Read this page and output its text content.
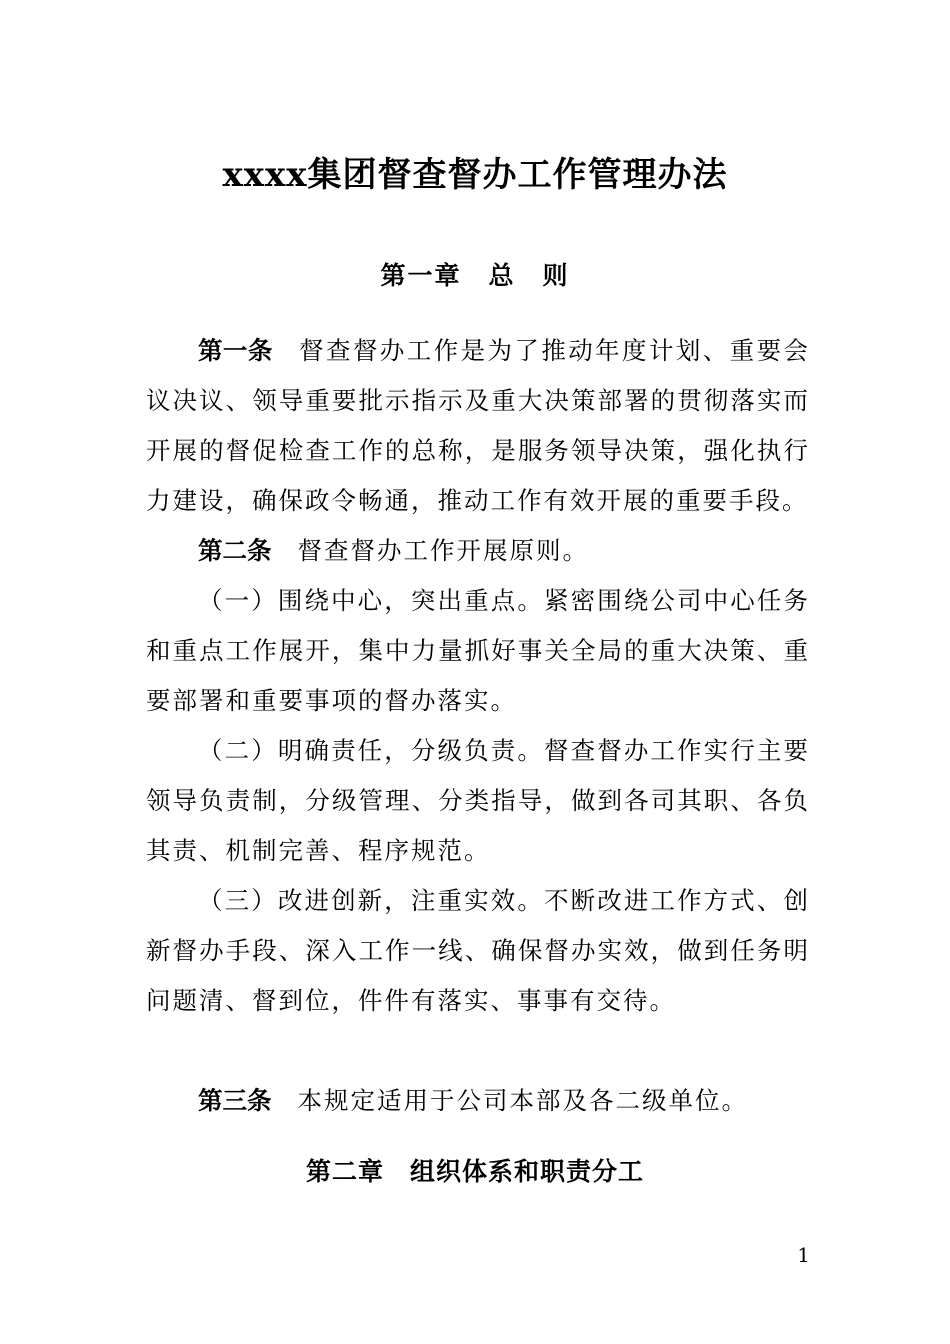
xxxx集团督查督办工作管理办法
第一章　总　则

第一条 督查督办工作是为了推动年度计划、重要会议决议、领导重要批示指示及重大决策部署的贯彻落实而开展的督促检查工作的总称，是服务领导决策，强化执行力建设，确保政令畅通，推动工作有效开展的重要手段。

第二条 督查督办工作开展原则。

（一）围绕中心，突出重点。紧密围绕公司中心任务和重点工作展开，集中力量抓好事关全局的重大决策、重要部署和重要事项的督办落实。

（二）明确责任，分级负责。督查督办工作实行主要领导负责制，分级管理、分类指导，做到各司其职、各负其责、机制完善、程序规范。

（三）改进创新，注重实效。不断改进工作方式、创新督办手段、深入工作一线、确保督办实效，做到任务明问题清、督到位，件件有落实、事事有交待。

第三条 本规定适用于公司本部及各二级单位。

第二章　组织体系和职责分工
1
